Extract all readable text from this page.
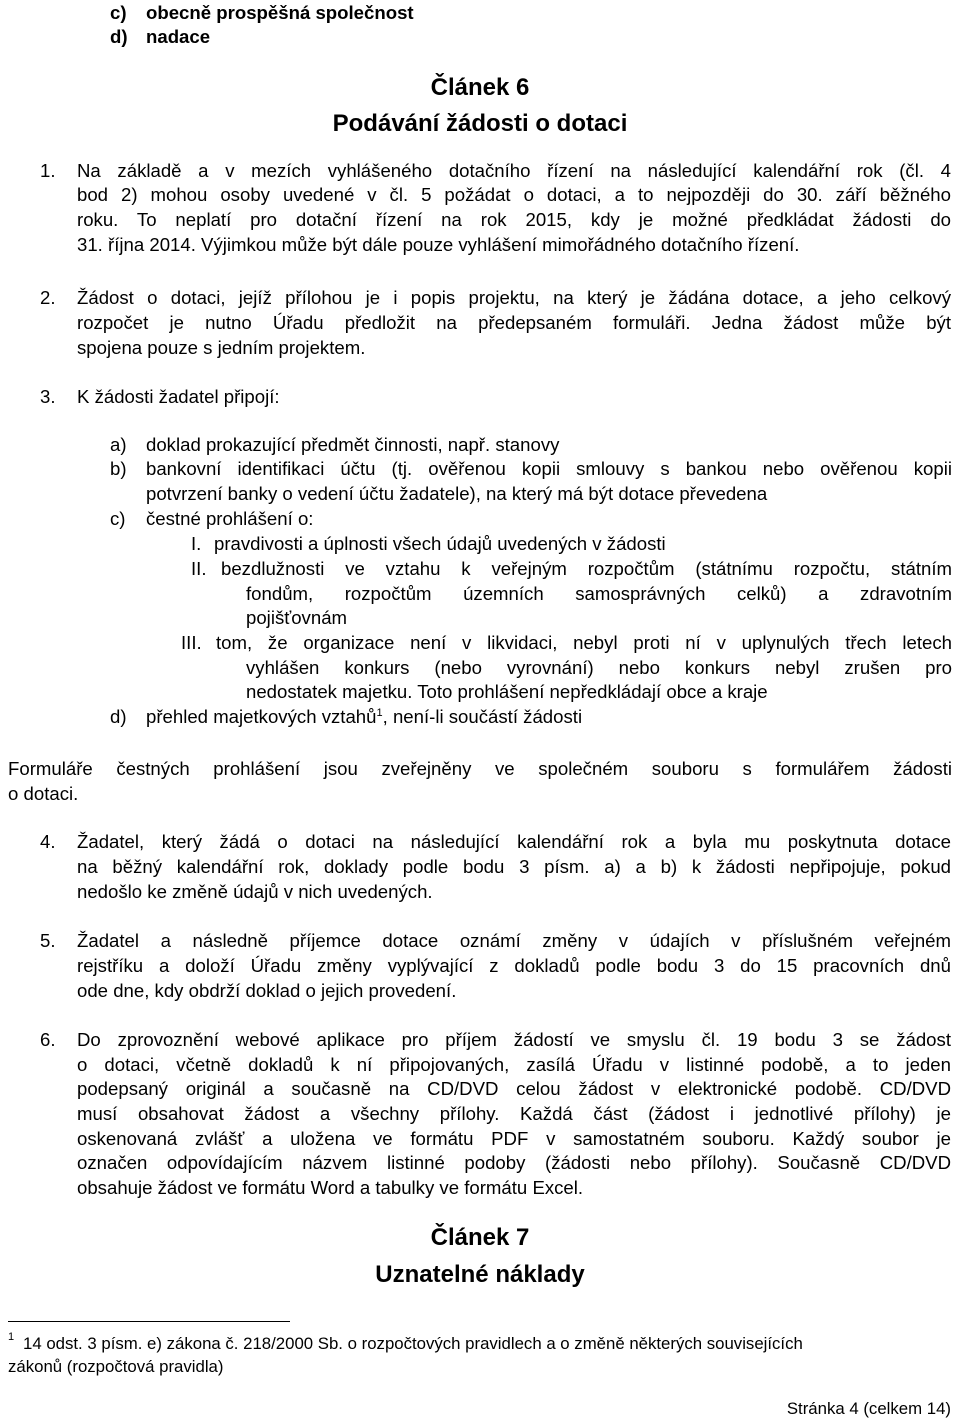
c) obecně prospěšná společnost
d) nadace
Článek 6
Podávání žádosti o dotaci
1. Na základě a v mezích vyhlášeného dotačního řízení na následující kalendářní rok (čl. 4
bod 2) mohou osoby uvedené v čl. 5 požádat o dotaci, a to nejpozději do 30. září běžného
roku. To neplatí pro dotační řízení na rok 2015, kdy je možné předkládat žádosti do
31. října 2014. Výjimkou může být dále pouze vyhlášení mimořádného dotačního řízení.
2. Žádost o dotaci, jejíž přílohou je i popis projektu, na který je žádána dotace, a jeho celkový
rozpočet je nutno Úřadu předložit na předepsaném formuláři. Jedna žádost může být
spojena pouze s jedním projektem.
3. K žádosti žadatel připojí:
a) doklad prokazující předmět činnosti, např. stanovy
b) bankovní identifikaci účtu (tj. ověřenou kopii smlouvy s bankou nebo ověřenou kopii
potvrzení banky o vedení účtu žadatele), na který má být dotace převedena
c) čestné prohlášení o:
I. pravdivosti a úplnosti všech údajů uvedených v žádosti
II. bezdlužnosti ve vztahu k veřejným rozpočtům (státnímu rozpočtu, státním
fondům, rozpočtům územních samosprávných celků) a zdravotním
pojišťovnám
III. tom, že organizace není v likvidaci, nebyl proti ní v uplynulých třech letech
vyhlášen konkurs (nebo vyrovnání) nebo konkurs nebyl zrušen pro
nedostatek majetku. Toto prohlášení nepředkládají obce a kraje
d) přehled majetkových vztahů$^1$, není-li součástí žádosti
Formuláře čestných prohlášení jsou zveřejněny ve společném souboru s formulářem žádosti
o dotaci.
4. Žadatel, který žádá o dotaci na následující kalendářní rok a byla mu poskytnuta dotace
na běžný kalendářní rok, doklady podle bodu 3 písm. a) a b) k žádosti nepřipojuje, pokud
nedošlo ke změně údajů v nich uvedených.
5. Žadatel a následně příjemce dotace oznámí změny v údajích v příslušném veřejném
rejstříku a doloží Úřadu změny vyplývající z dokladů podle bodu 3 do 15 pracovních dnů
ode dne, kdy obdrží doklad o jejich provedení.
6. Do zprovoznění webové aplikace pro příjem žádostí ve smyslu čl. 19 bodu 3 se žádost
o dotaci, včetně dokladů k ní připojovaných, zasílá Úřadu v listinné podobě, a to jeden
podepsaný originál a současně na CD/DVD celou žádost v elektronické podobě. CD/DVD
musí obsahovat žádost a všechny přílohy. Každá část (žádost i jednotlivé přílohy) je
oskenovaná zvlášť a uložena ve formátu PDF v samostatném souboru. Každý soubor je
označen odpovídajícím názvem listinné podoby (žádosti nebo přílohy). Současně CD/DVD
obsahuje žádost ve formátu Word a tabulky ve formátu Excel.
Článek 7
Uznatelné náklady
1 14 odst. 3 písm. e) zákona č. 218/2000 Sb. o rozpočtových pravidlech a o změně některých souvisejících
zákonů (rozpočtová pravidla)
Stránka 4 (celkem 14)
